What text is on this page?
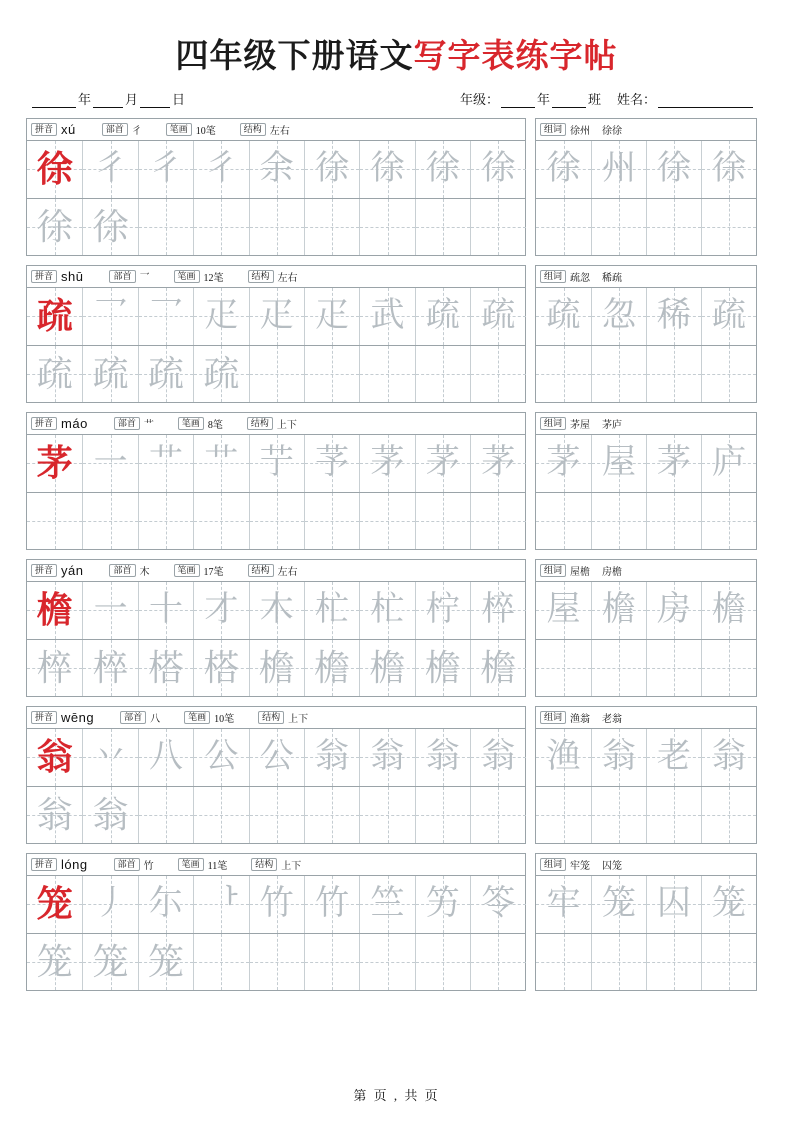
四年级下册语文写字表练字帖
年	月	日	年级：	年	班	姓名：
拼音 xú	部首 彳	笔画 10笔	结构 左右
徐 彳 彳 彳 余 徐 徐 徐 徐
徐 徐
组词 徐州 徐徐
徐 州 徐 徐
拼音 shū	部首 乛	笔画 12笔	结构 左右
疏 乛 乛 疋 疋 疋 武 疏 疏
疏 疏 疏 疏
组词 疏忽 稀疏
疏 忽 稀 疏
拼音 máo	部首 艹	笔画 8笔	结构 上下
茅 一 艹 艹 艼 芧 茅 茅 茅
组词 茅屋 茅庐
茅 屋 茅 庐
拼音 yán	部首 木	笔画 17笔	结构 左右
檐 一 十 才 木 杧 杧 柠 椊
椊 椊 榙 榙 檐 檐 檐 檐 檐
组词 屋檐 房檐
屋 檐 房 檐
拼音 wēng	部首 八	笔画 10笔	结构 上下
翁 丷 八 公 公 翁 翁 翁 翁
翁 翁
组词 渔翁 老翁
渔 翁 老 翁
拼音 lóng	部首 竹	笔画 11笔	结构 上下
笼 丿 尓 ᅡ 竹 竹 竺 竻 笭
笼 笼 笼
组词 牢笼 囚笼
牢 笼 囚 笼
第 页 , 共 页
